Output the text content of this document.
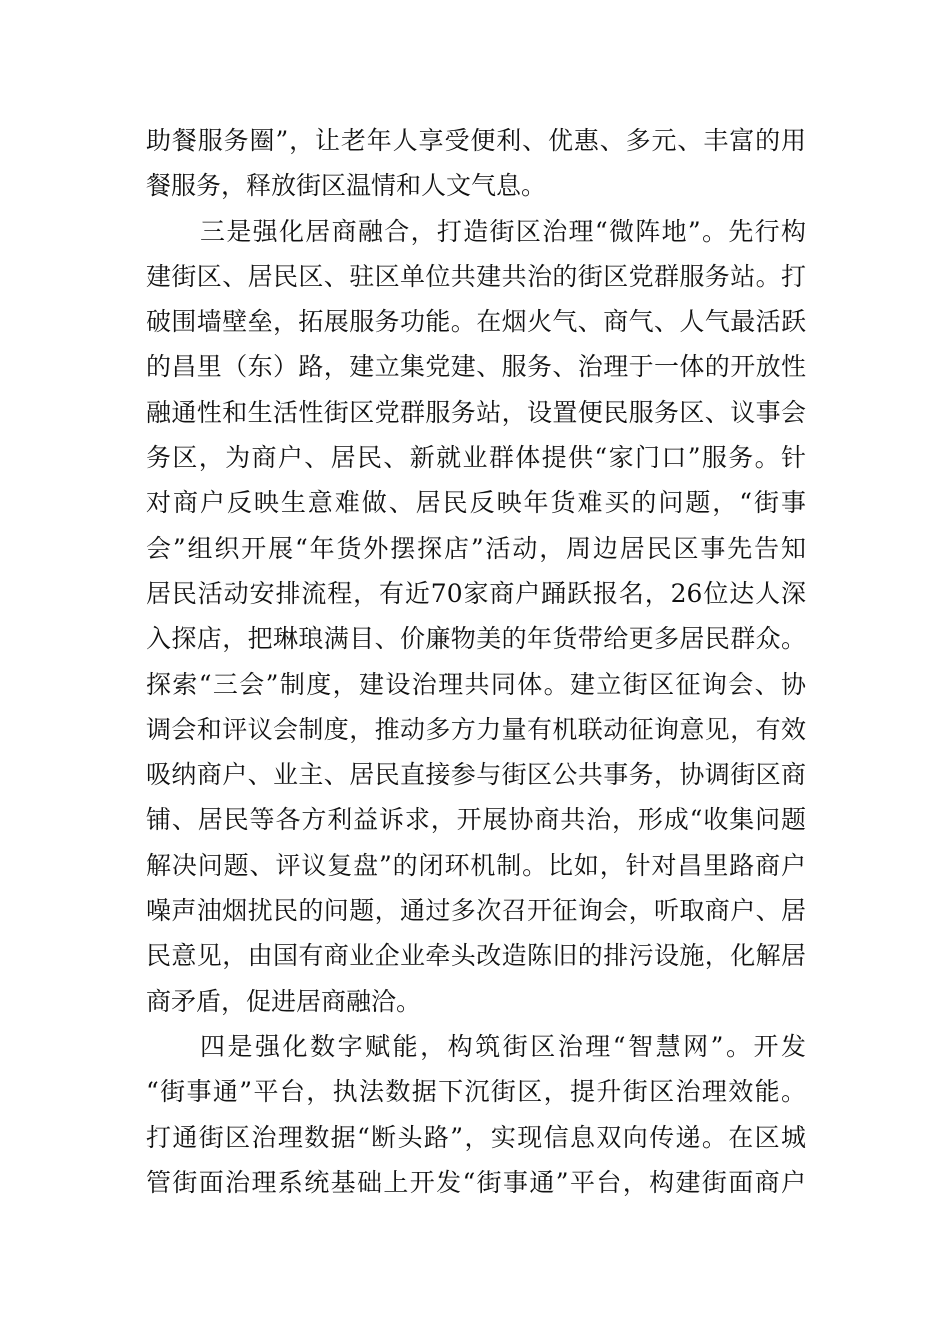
助餐服务圈”，让老年人享受便利、优惠、多元、丰富的用
餐服务，释放街区温情和人文气息。
三是强化居商融合，打造街区治理“微阵地”。先行构
建街区、居民区、驻区单位共建共治的街区党群服务站。打
破围墙壁垒，拓展服务功能。在烟火气、商气、人气最活跃
的昌里（东）路，建立集党建、服务、治理于一体的开放性
融通性和生活性街区党群服务站，设置便民服务区、议事会
务区，为商户、居民、新就业群体提供“家门口”服务。针
对商户反映生意难做、居民反映年货难买的问题，“街事
会”组织开展“年货外摆探店”活动，周边居民区事先告知
居民活动安排流程，有近70家商户踊跃报名，26位达人深
入探店，把琳琅满目、价廉物美的年货带给更多居民群众。
探索“三会”制度，建设治理共同体。建立街区征询会、协
调会和评议会制度，推动多方力量有机联动征询意见，有效
吸纳商户、业主、居民直接参与街区公共事务，协调街区商
铺、居民等各方利益诉求，开展协商共治，形成“收集问题
解决问题、评议复盘”的闭环机制。比如，针对昌里路商户
噪声油烟扰民的问题，通过多次召开征询会，听取商户、居
民意见，由国有商业企业牵头改造陈旧的排污设施，化解居
商矛盾，促进居商融洽。
四是强化数字赋能，构筑街区治理“智慧网”。开发
“街事通”平台，执法数据下沉街区，提升街区治理效能。
打通街区治理数据“断头路”，实现信息双向传递。在区城
管街面治理系统基础上开发“街事通”平台，构建街面商户
